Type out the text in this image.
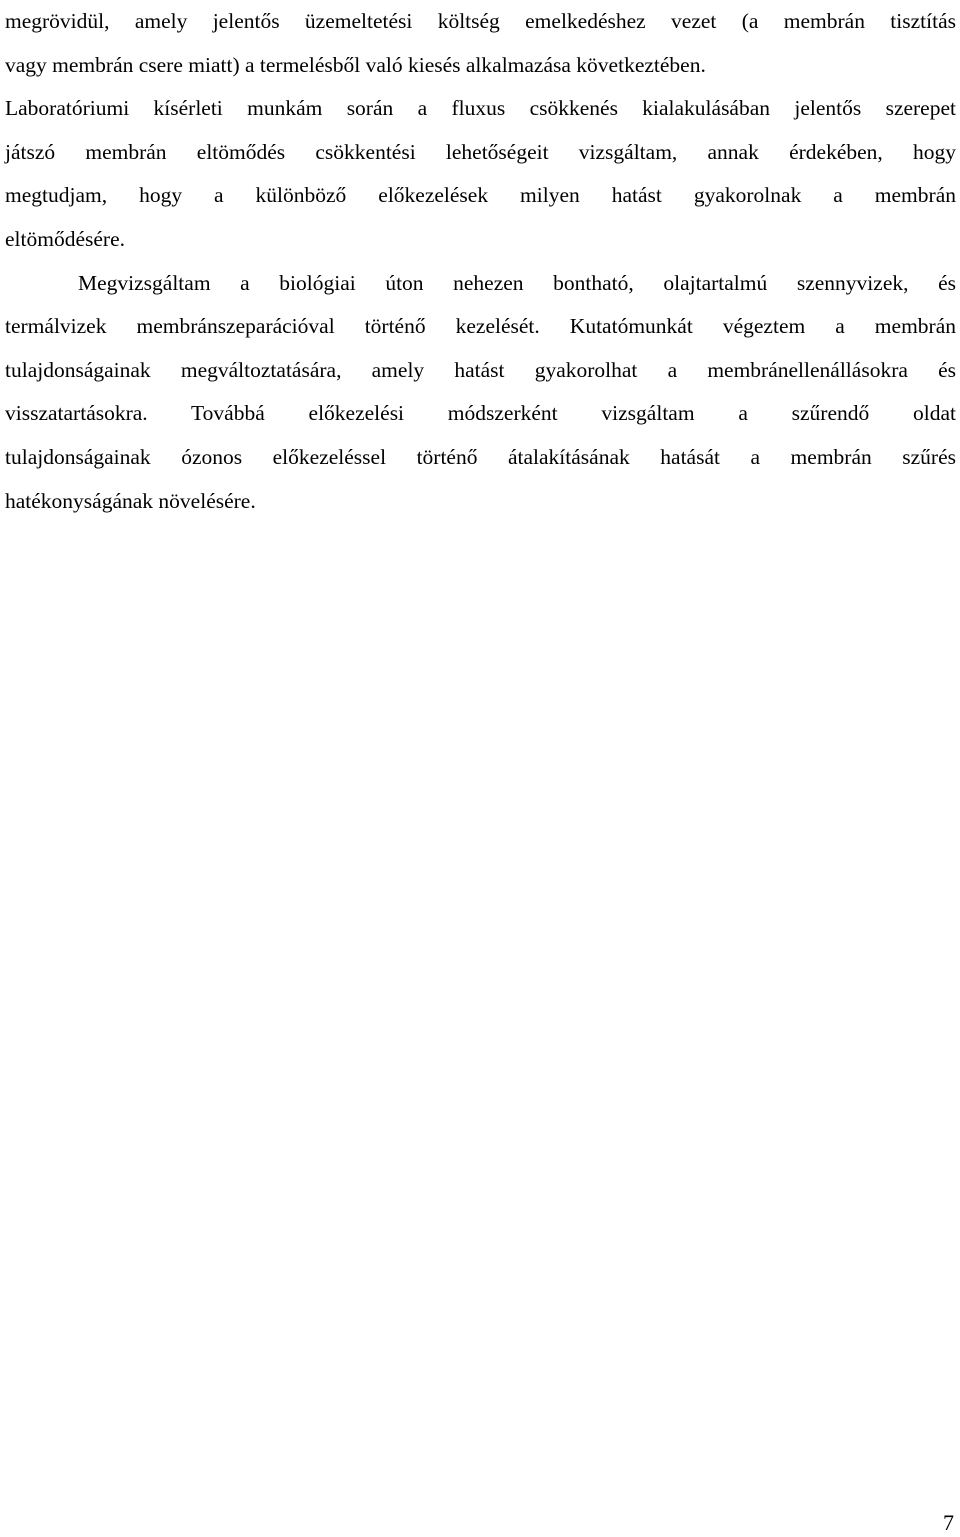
megrövidül, amely jelentős üzemeltetési költség emelkedéshez vezet (a membrán tisztítás
vagy membrán csere miatt) a termelésből való kiesés alkalmazása következtében.

Laboratóriumi kísérleti munkám során a fluxus csökkenés kialakulásában jelentős szerepet
játszó membrán eltömődés csökkentési lehetőségeit vizsgáltam, annak érdekében, hogy
megtudjam, hogy a különböző előkezelések milyen hatást gyakorolnak a membrán
eltömődésére.

Megvizsgáltam a biológiai úton nehezen bontható, olajtartalmú szennyvizek, és
termálvizek membránszeparációval történő kezelését. Kutatómunkát végeztem a membrán
tulajdonságainak megváltoztatására, amely hatást gyakorolhat a membránellenállásokra és
visszatartásokra. Továbbá előkezelési módszerként vizsgáltam a szűrendő oldat
tulajdonságainak ózonos előkezeléssel történő átalakításának hatását a membrán szűrés
hatékonyságának növelésére.

7
